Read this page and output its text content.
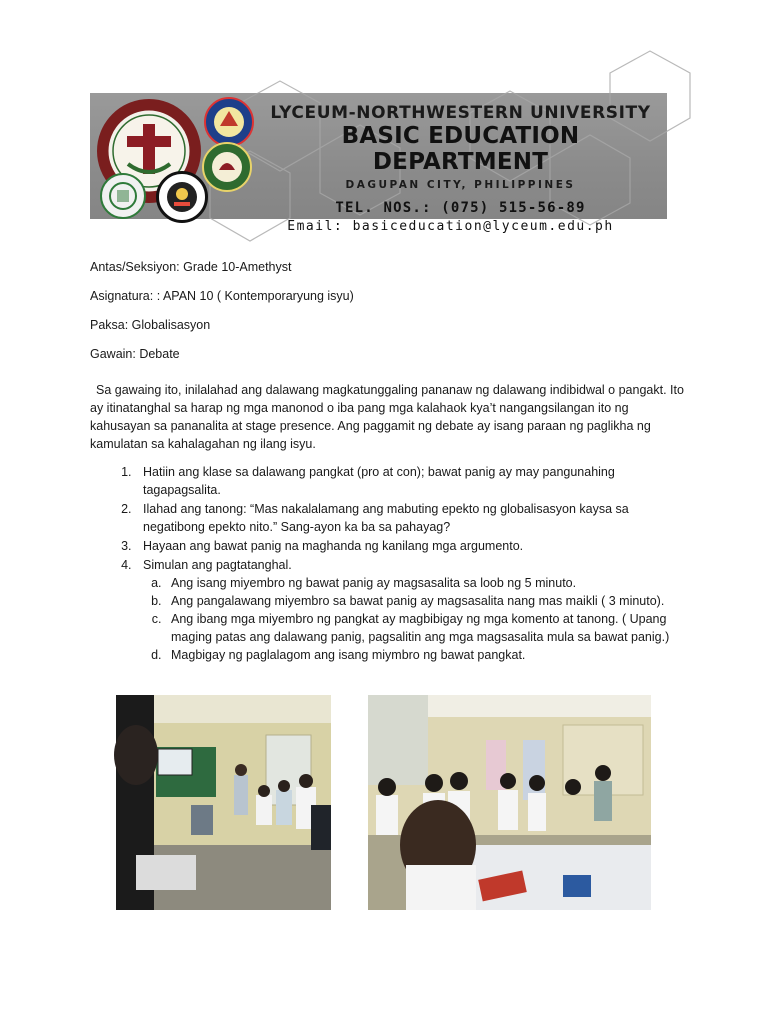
LYCEUM-NORTHWESTERN UNIVERSITY
BASIC EDUCATION DEPARTMENT
DAGUPAN CITY, PHILIPPINES
TEL. NOS.: (075) 515-56-89
Email: basiceducation@lyceum.edu.ph

Antas/Seksiyon: Grade 10-Amethyst

Asignatura: : APAN 10 ( Kontemporaryung isyu)

Paksa: Globalisasyon

Gawain: Debate

Sa gawaing ito, inilalahad ang dalawang magkatunggaling pananaw ng dalawang indibidwal o pangakt. Ito ay itinatanghal sa harap ng mga manonod o iba pang mga kalahaok kya’t nangangsilangan ito ng kahusayan sa pananalita at stage presence. Ang paggamit ng debate ay isang paraan ng paglikha ng kamulatan sa kahalagahan ng ilang isyu.

1. Hatiin ang klase sa dalawang pangkat (pro at con); bawat panig ay may pangunahing tagapagsalita.
2. Ilahad ang tanong: “Mas nakalalamang ang mabuting epekto ng globalisasyon kaysa sa negatibong epekto nito.” Sang-ayon ka ba sa pahayag?
3. Hayaan ang bawat panig na maghanda ng kanilang mga argumento.
4. Simulan ang pagtatanghal.
a. Ang isang miyembro ng bawat panig ay magsasalita sa loob ng 5 minuto.
b. Ang pangalawang miyembro sa bawat panig ay magsasalita nang mas maikli ( 3 minuto).
c. Ang ibang mga miyembro ng pangkat ay magbibigay ng mga komento at tanong. ( Upang maging patas ang dalawang panig, pagsalitin ang mga magsasalita mula sa bawat panig.)
d. Magbigay ng paglalagom ang isang miymbro ng bawat pangkat.
